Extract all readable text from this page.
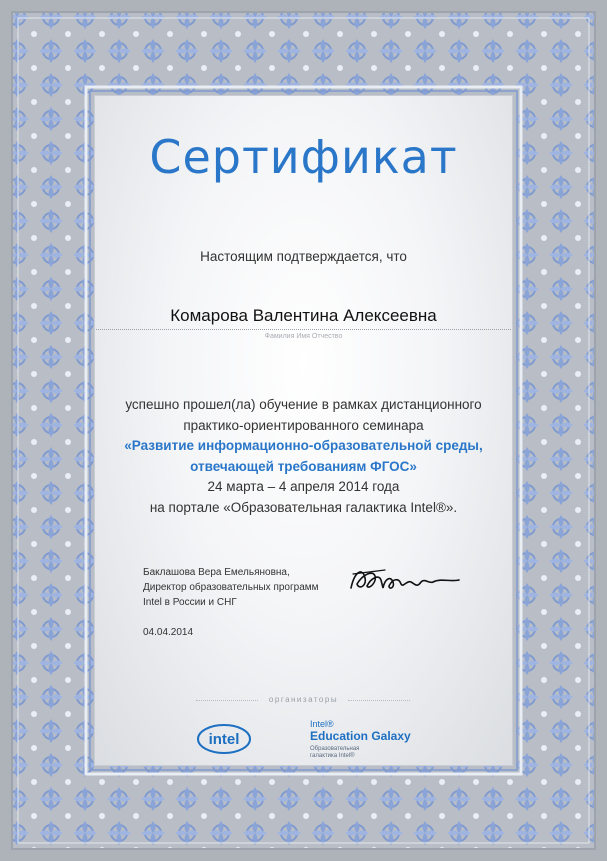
Сертификат
Настоящим подтверждается, что
Комарова Валентина Алексеевна
Фамилия Имя Отчество
успешно прошел(ла) обучение в рамках дистанционного
практико-ориентированного семинара
«Развитие информационно-образовательной среды,
отвечающей требованиям ФГОС»
24 марта – 4 апреля 2014 года
на портале «Образовательная галактика Intel®».
Баклашова Вера Емельяновна,
Директор образовательных программ
Intel в России и СНГ
04.04.2014
организаторы
intel
Intel®
Education Galaxy
Образовательная галактика Intel®
